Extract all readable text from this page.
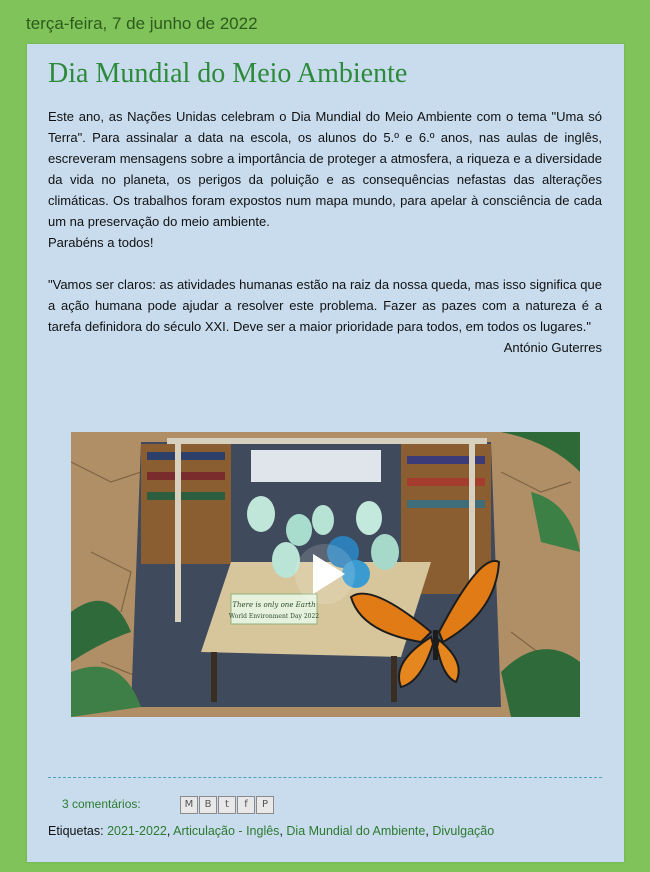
terça-feira, 7 de junho de 2022
Dia Mundial do Meio Ambiente

Este ano, as Nações Unidas celebram o Dia Mundial do Meio Ambiente com o tema "Uma só Terra". Para assinalar a data na escola, os alunos do 5.º e 6.º anos, nas aulas de inglês, escreveram mensagens sobre a importância de proteger a atmosfera, a riqueza e a diversidade da vida no planeta, os perigos da poluição e as consequências nefastas das alterações climáticas. Os trabalhos foram expostos num mapa mundo, para apelar à consciência de cada um na preservação do meio ambiente.

Parabéns a todos!

"Vamos ser claros: as atividades humanas estão na raiz da nossa queda, mas isso significa que a ação humana pode ajudar a resolver este problema. Fazer as pazes com a natureza é a tarefa definidora do século XXI. Deve ser a maior prioridade para todos, em todos os lugares."

António Guterres

There is only one Earth
World Environment Day 2022
3 comentários:	M	B	t	f	P
Etiquetas: 2021-2022, Articulação - Inglês, Dia Mundial do Ambiente, Divulgação
